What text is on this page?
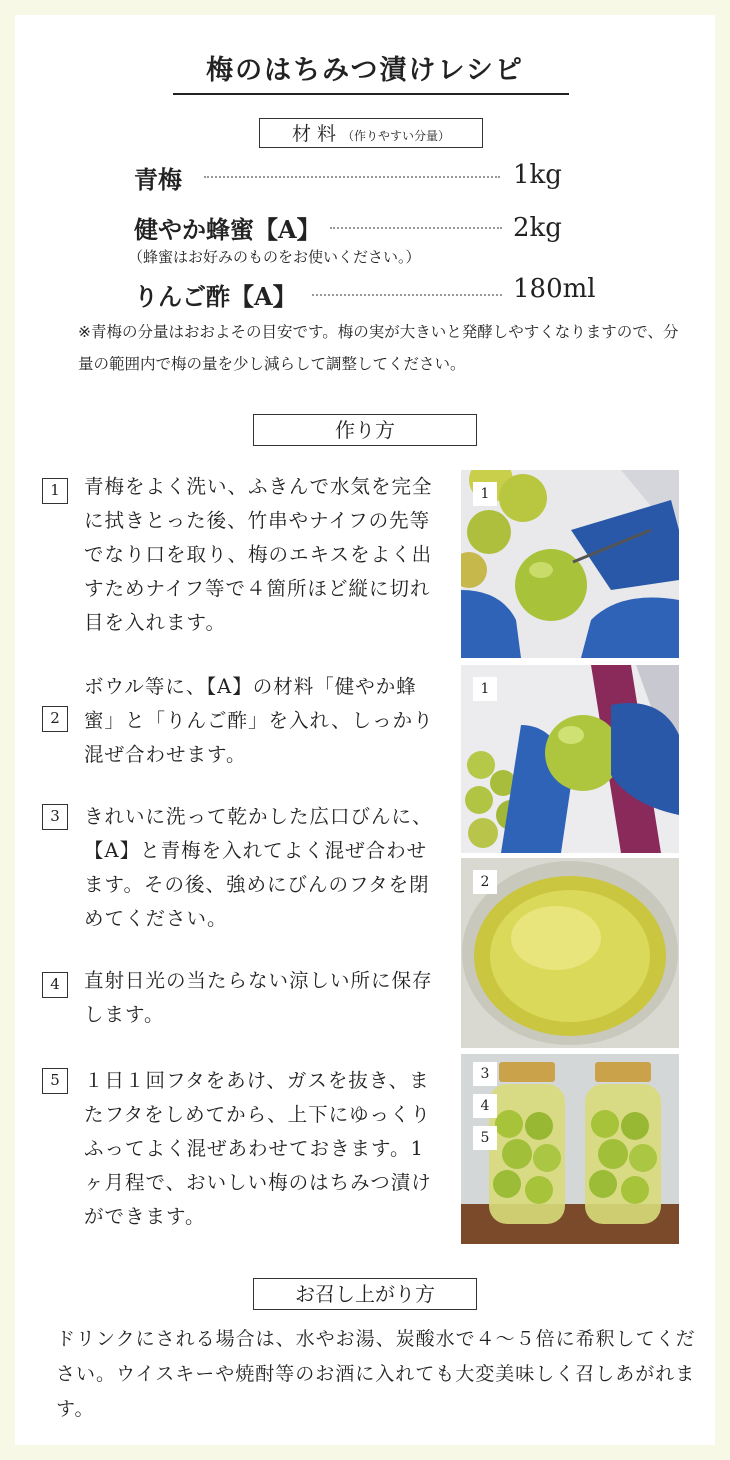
梅のはちみつ漬けレシピ
材 料 （作りやすい分量）
青梅	1kg
健やか蜂蜜【A】	2kg
（蜂蜜はお好みのものをお使いください。）
りんご酢【A】	180ml
※青梅の分量はおおよその目安です。梅の実が大きいと発酵しやすくなりますので、分量の範囲内で梅の量を少し減らして調整してください。
作り方
1	青梅をよく洗い、ふきんで水気を完全に拭きとった後、竹串やナイフの先等でなり口を取り、梅のエキスをよく出すためナイフ等で４箇所ほど縦に切れ目を入れます。
2
ボウル等に、【A】の材料「健やか蜂蜜」と「りんご酢」を入れ、しっかり混ぜ合わせます。
3	きれいに洗って乾かした広口びんに、【A】と青梅を入れてよく混ぜ合わせます。その後、強めにびんのフタを閉めてください。
4	直射日光の当たらない涼しい所に保存します。
5	１日１回フタをあけ、ガスを抜き、またフタをしめてから、上下にゆっくりふってよく混ぜあわせておきます。1ヶ月程で、おいしい梅のはちみつ漬けができます。
1
1
2
3
4
5
お召し上がり方
ドリンクにされる場合は、水やお湯、炭酸水で４〜５倍に希釈してください。ウイスキーや焼酎等のお酒に入れても大変美味しく召しあがれます。
